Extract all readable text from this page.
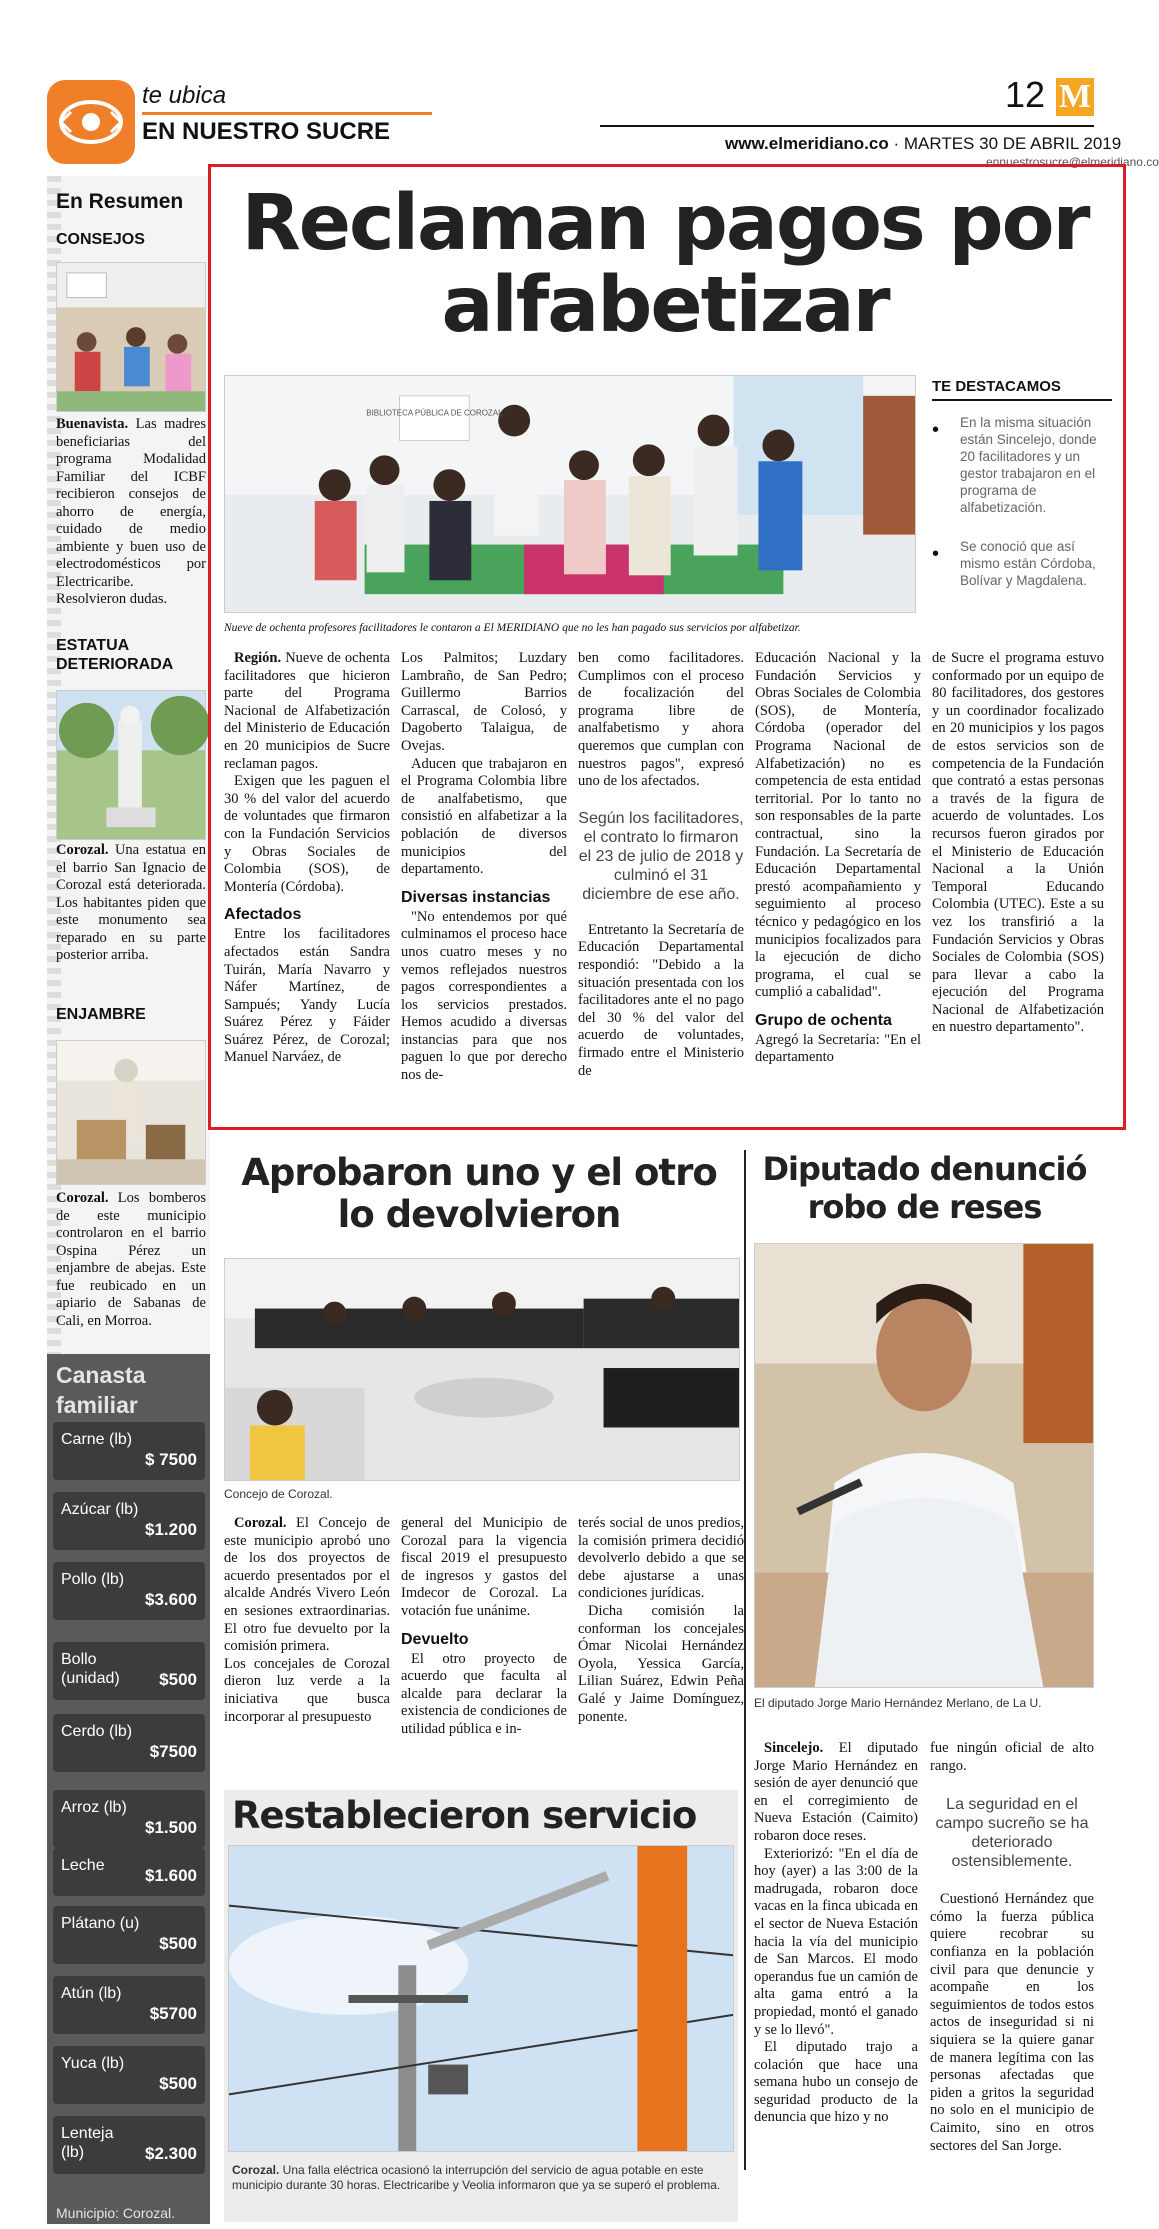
te ubica
EN NUESTRO SUCRE
12 M
www.elmeridiano.co · MARTES 30 DE ABRIL 2019
ennuestrosucre@elmeridiano.co
En Resumen
CONSEJOS

Buenavista. Las madres beneficiarias del programa Modalidad Familiar del ICBF recibieron consejos de ahorro de energía, cuidado de medio ambiente y buen uso de electrodomésticos por Electricaribe. Resolvieron dudas.

ESTATUA DETERIORADA

Corozal. Una estatua en el barrio San Ignacio de Corozal está deteriorada. Los habitantes piden que este monumento sea reparado en su parte posterior arriba.

ENJAMBRE

Corozal. Los bomberos de este municipio controlaron en el barrio Ospina Pérez un enjambre de abejas. Este fue reubicado en un apiario de Sabanas de Cali, en Morroa.

Canasta familiar
Carne (lb)
$ 7500
Azúcar (lb)
$1.200
Pollo (lb)
$3.600
Bollo (unidad)	$500
Cerdo (lb)
$7500
Arroz (lb)
$1.500
Leche
$1.600
Plátano (u)
$500
Atún (lb)
$5700
Yuca (lb)
$500
Lenteja (lb)	$2.300
Municipio: Corozal.
Reclaman pagos por alfabetizar
BIBLIOTECA PÚBLICA DE COROZAL
Nueve de ochenta profesores facilitadores le contaron a El MERIDIANO que no les han pagado sus servicios por alfabetizar.
TE DESTACAMOS
• En la misma situación están Sincelejo, donde 20 facilitadores y un gestor trabajaron en el programa de alfabetización.
• Se conoció que así mismo están Córdoba, Bolívar y Magdalena.

Región. Nueve de ochenta facilitadores que hicieron parte del Programa Nacional de Alfabetización del Ministerio de Educación en 20 municipios de Sucre reclaman pagos.

Exigen que les paguen el 30 % del valor del acuerdo de voluntades que firmaron con la Fundación Servicios y Obras Sociales de Colombia (SOS), de Montería (Córdoba).

Afectados

Entre los facilitadores afectados están Sandra Tuirán, María Navarro y Náfer Martínez, de Sampués; Yandy Lucía Suárez Pérez y Fáider Suárez Pérez, de Corozal; Manuel Narváez, de

Los Palmitos; Luzdary Lambraño, de San Pedro; Guillermo Barrios Carrascal, de Colosó, y Dagoberto Talaigua, de Ovejas.

Aducen que trabajaron en el Programa Colombia libre de analfabetismo, que consistió en alfabetizar a la población de diversos municipios del departamento.

Diversas instancias

"No entendemos por qué culminamos el proceso hace unos cuatro meses y no vemos reflejados nuestros pagos correspondientes a los servicios prestados. Hemos acudido a diversas instancias para que nos paguen lo que por derecho nos de-

ben como facilitadores. Cumplimos con el proceso de focalización del programa libre de analfabetismo y ahora queremos que cumplan con nuestros pagos", expresó uno de los afectados.

Según los facilitadores, el contrato lo firmaron el 23 de julio de 2018 y culminó el 31 diciembre de ese año.

Entretanto la Secretaría de Educación Departamental respondió: "Debido a la situación presentada con los facilitadores ante el no pago del 30 % del valor del acuerdo de voluntades, firmado entre el Ministerio de

Educación Nacional y la Fundación Servicios y Obras Sociales de Colombia (SOS), de Montería, Córdoba (operador del Programa Nacional de Alfabetización) no es competencia de esta entidad territorial. Por lo tanto no son responsables de la parte contractual, sino la Fundación. La Secretaría de Educación Departamental prestó acompañamiento y seguimiento al proceso técnico y pedagógico en los municipios focalizados para la ejecución de dicho programa, el cual se cumplió a cabalidad".

Grupo de ochenta

Agregó la Secretaría: "En el departamento

de Sucre el programa estuvo conformado por un equipo de 80 facilitadores, dos gestores y un coordinador focalizado en 20 municipios y los pagos de estos servicios son de competencia de la Fundación que contrató a estas personas a través de la figura de acuerdo de voluntades. Los recursos fueron girados por el Ministerio de Educación Nacional a la Unión Temporal Educando Colombia (UTEC). Este a su vez los transfirió a la Fundación Servicios y Obras Sociales de Colombia (SOS) para llevar a cabo la ejecución del Programa Nacional de Alfabetización en nuestro departamento".

Aprobaron uno y el otro lo devolvieron
Concejo de Corozal.

Corozal. El Concejo de este municipio aprobó uno de los dos proyectos de acuerdo presentados por el alcalde Andrés Vivero León en sesiones extraordinarias. El otro fue devuelto por la comisión primera.

Los concejales de Corozal dieron luz verde a la iniciativa que busca incorporar al presupuesto

general del Municipio de Corozal para la vigencia fiscal 2019 el presupuesto de ingresos y gastos del Imdecor de Corozal. La votación fue unánime.

Devuelto

El otro proyecto de acuerdo que faculta al alcalde para declarar la existencia de condiciones de utilidad pública e in-

terés social de unos predios, la comisión primera decidió devolverlo debido a que se debe ajustarse a unas condiciones jurídicas.

Dicha comisión la conforman los concejales Ómar Nicolai Hernández Oyola, Yessica García, Lilian Suárez, Edwin Peña Galé y Jaime Domínguez, ponente.

Diputado denunció robo de reses
El diputado Jorge Mario Hernández Merlano, de La U.

Sincelejo. El diputado Jorge Mario Hernández en sesión de ayer denunció que en el corregimiento de Nueva Estación (Caimito) robaron doce reses.

Exteriorizó: "En el día de hoy (ayer) a las 3:00 de la madrugada, robaron doce vacas en la finca ubicada en el sector de Nueva Estación hacia la vía del municipio de San Marcos. El modo operandus fue un camión de alta gama entró a la propiedad, montó el ganado y se lo llevó".

El diputado trajo a colación que hace una semana hubo un consejo de seguridad producto de la denuncia que hizo y no

fue ningún oficial de alto rango.

La seguridad en el campo sucreño se ha deteriorado ostensiblemente.

Cuestionó Hernández que cómo la fuerza pública quiere recobrar su confianza en la población civil para que denuncie y acompañe en los seguimientos de todos estos actos de inseguridad si ni siquiera se la quiere ganar de manera legítima con las personas afectadas que piden a gritos la seguridad no solo en el municipio de Caimito, sino en otros sectores del San Jorge.

Restablecieron servicio
Corozal. Una falla eléctrica ocasionó la interrupción del servicio de agua potable en este municipio durante 30 horas. Electricaribe y Veolia informaron que ya se superó el problema.
